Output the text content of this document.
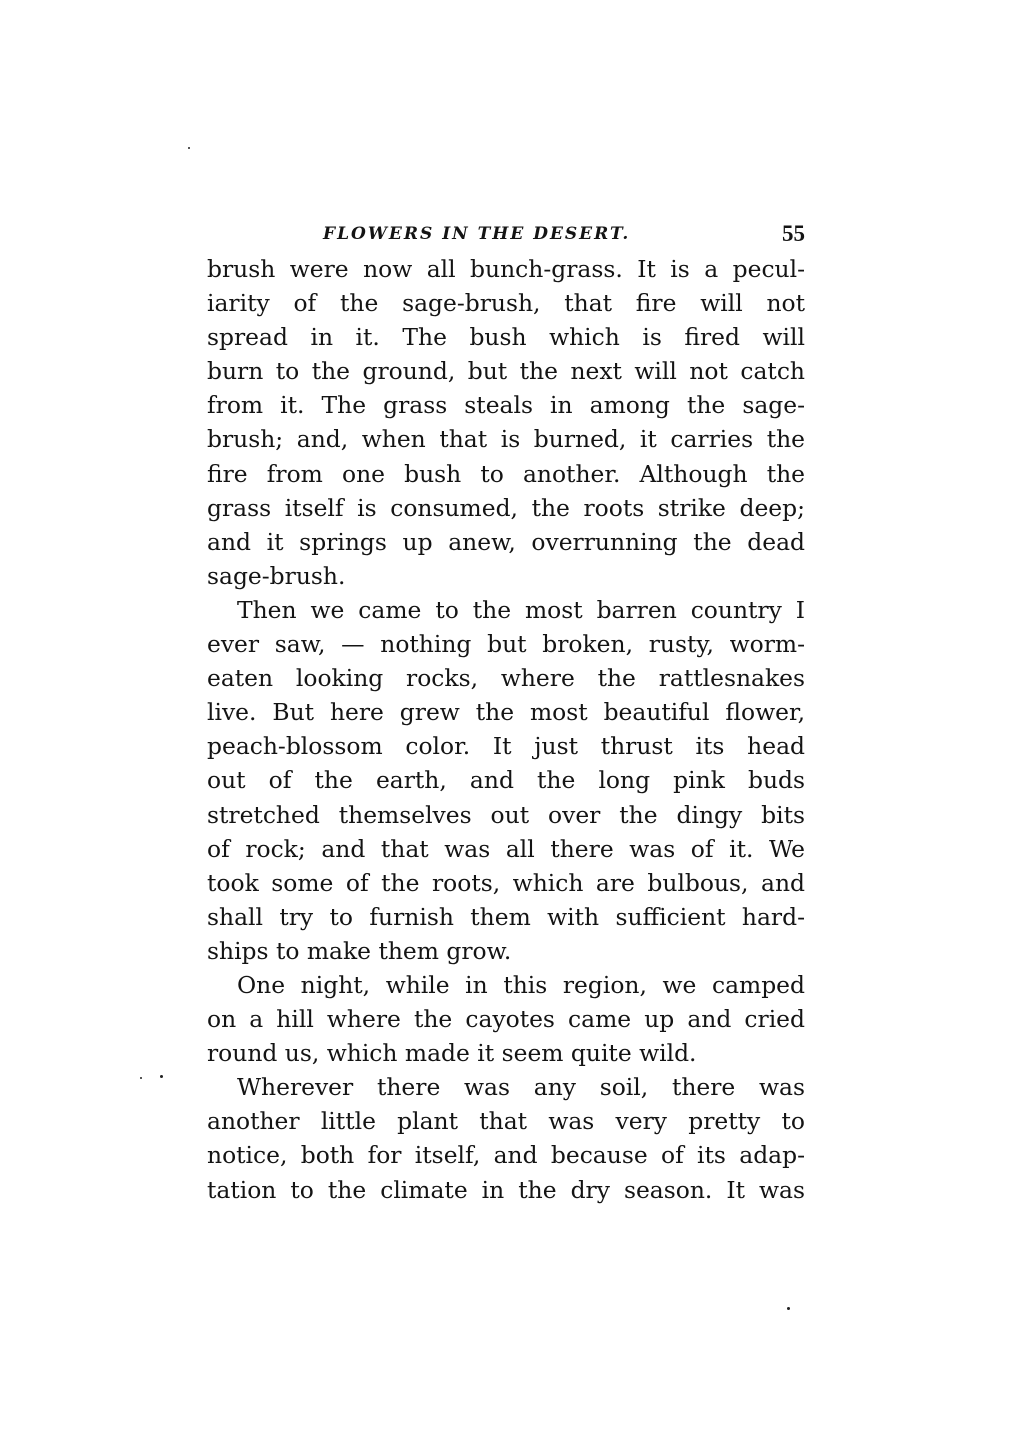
FLOWERS IN THE DESERT.	55
brush were now all bunch-grass. It is a pecul-
iarity of the sage-brush, that fire will not
spread in it. The bush which is fired will
burn to the ground, but the next will not catch
from it. The grass steals in among the sage-
brush; and, when that is burned, it carries the
fire from one bush to another. Although the
grass itself is consumed, the roots strike deep;
and it springs up anew, overrunning the dead
sage-brush.
Then we came to the most barren country I
ever saw, — nothing but broken, rusty, worm-
eaten looking rocks, where the rattlesnakes
live. But here grew the most beautiful flower,
peach-blossom color. It just thrust its head
out of the earth, and the long pink buds
stretched themselves out over the dingy bits
of rock; and that was all there was of it. We
took some of the roots, which are bulbous, and
shall try to furnish them with sufficient hard-
ships to make them grow.
One night, while in this region, we camped
on a hill where the cayotes came up and cried
round us, which made it seem quite wild.
Wherever there was any soil, there was
another little plant that was very pretty to
notice, both for itself, and because of its adap-
tation to the climate in the dry season. It was
